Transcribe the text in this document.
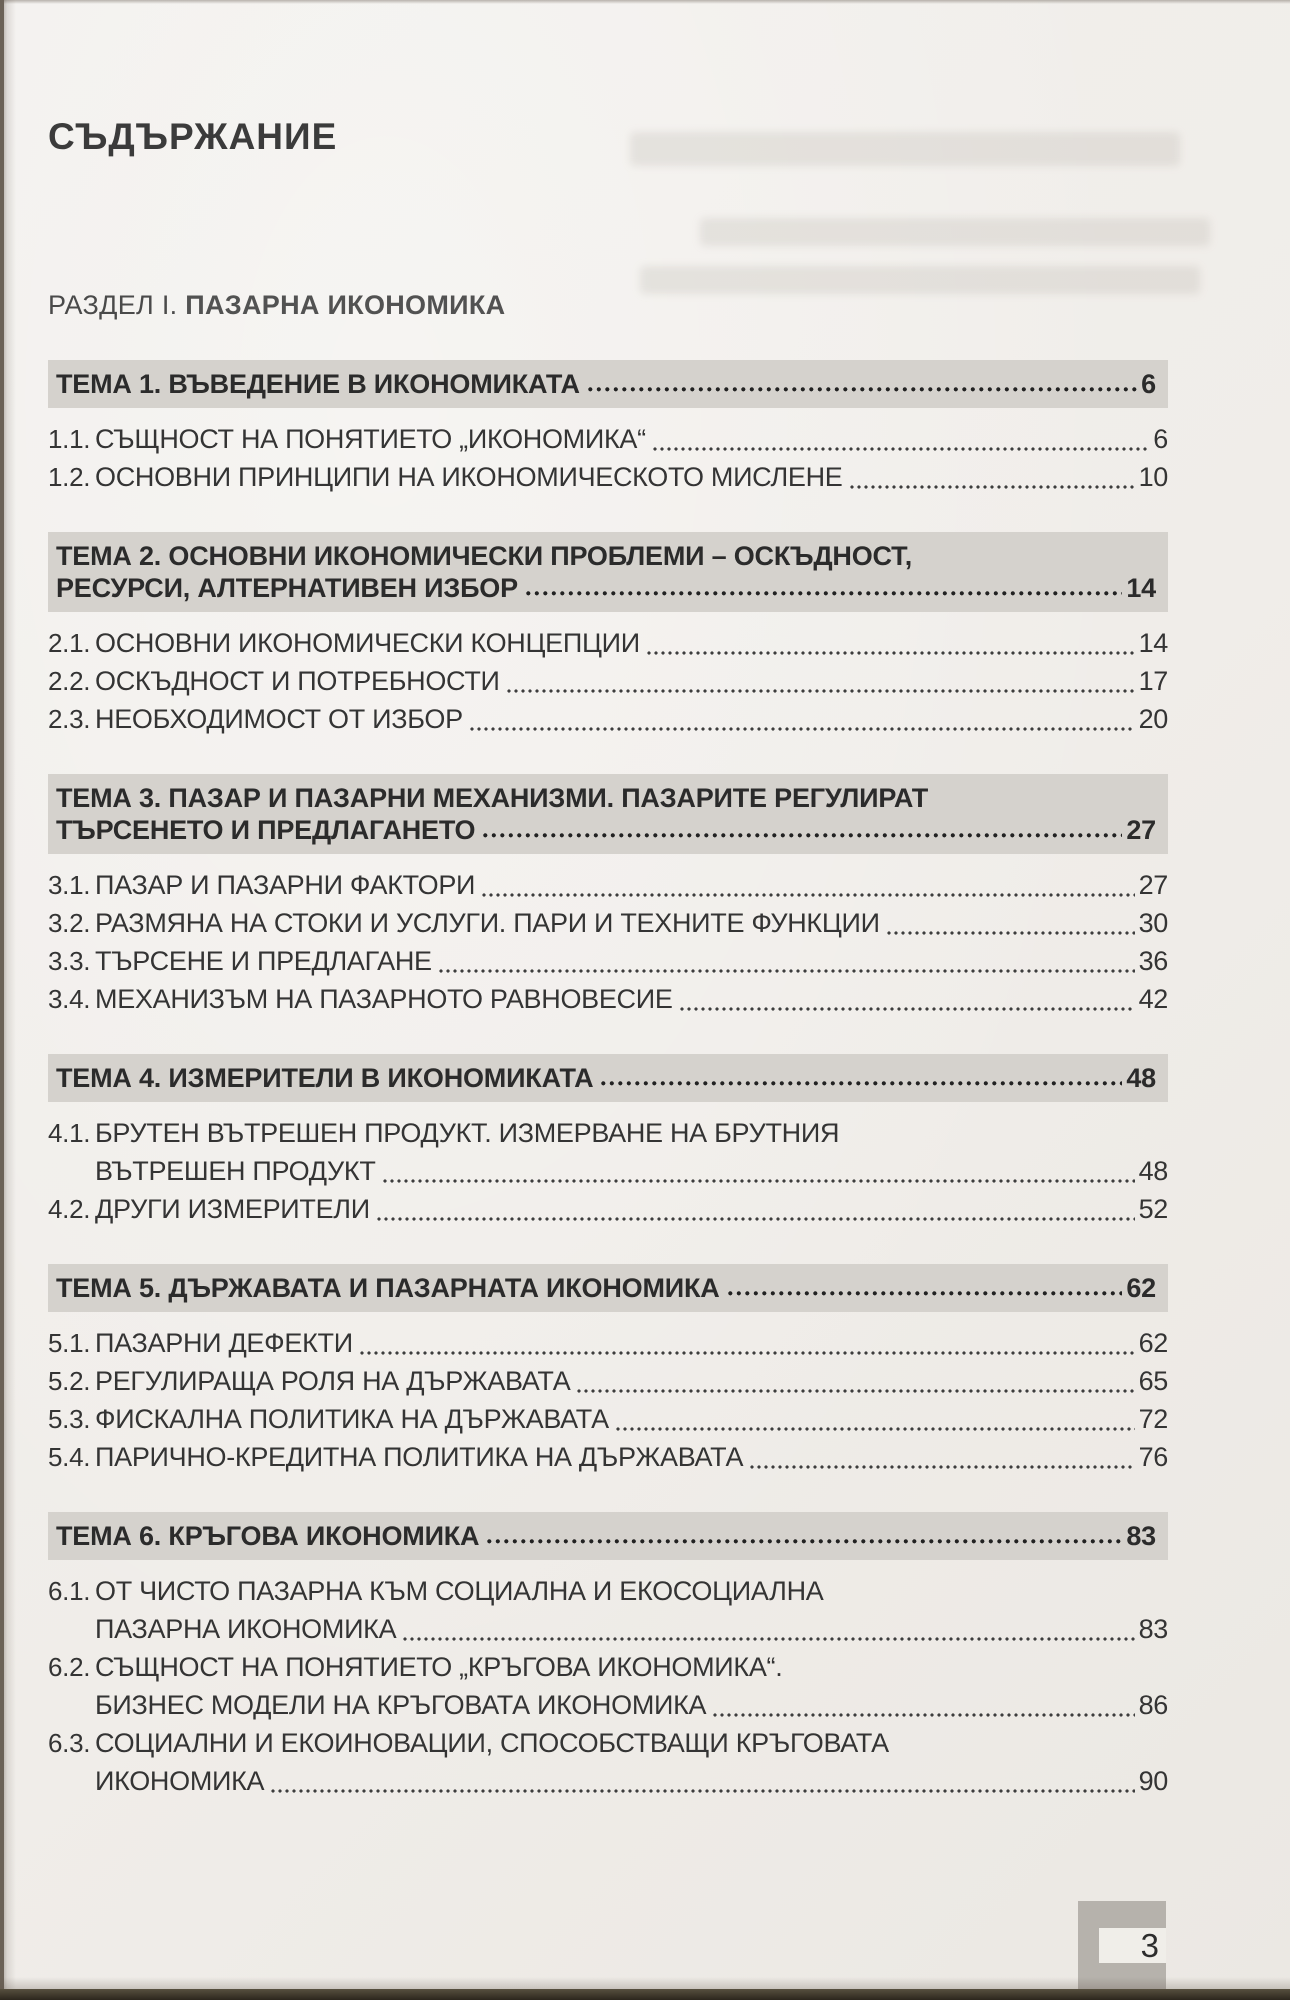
СЪДЪРЖАНИЕ
РАЗДЕЛ I. ПАЗАРНА ИКОНОМИКА
ТЕМА 1. ВЪВЕДЕНИЕ В ИКОНОМИКАТА	6
1.1. СЪЩНОСТ НА ПОНЯТИЕТО „ИКОНОМИКА“	6
1.2. ОСНОВНИ ПРИНЦИПИ НА ИКОНОМИЧЕСКОТО МИСЛЕНЕ	10
ТЕМА 2. ОСНОВНИ ИКОНОМИЧЕСКИ ПРОБЛЕМИ – ОСКЪДНОСТ,
РЕСУРСИ, АЛТЕРНАТИВЕН ИЗБОР	14
2.1. ОСНОВНИ ИКОНОМИЧЕСКИ КОНЦЕПЦИИ	14
2.2. ОСКЪДНОСТ И ПОТРЕБНОСТИ	17
2.3. НЕОБХОДИМОСТ ОТ ИЗБОР	20
ТЕМА 3. ПАЗАР И ПАЗАРНИ МЕХАНИЗМИ. ПАЗАРИТЕ РЕГУЛИРАТ
ТЪРСЕНЕТО И ПРЕДЛАГАНЕТО	27
3.1. ПАЗАР И ПАЗАРНИ ФАКТОРИ	27
3.2. РАЗМЯНА НА СТОКИ И УСЛУГИ. ПАРИ И ТЕХНИТЕ ФУНКЦИИ	30
3.3. ТЪРСЕНЕ И ПРЕДЛАГАНЕ	36
3.4. МЕХАНИЗЪМ НА ПАЗАРНОТО РАВНОВЕСИЕ	42
ТЕМА 4. ИЗМЕРИТЕЛИ В ИКОНОМИКАТА	48
4.1. БРУТЕН ВЪТРЕШЕН ПРОДУКТ. ИЗМЕРВАНЕ НА БРУТНИЯ
ВЪТРЕШЕН ПРОДУКТ	48
4.2. ДРУГИ ИЗМЕРИТЕЛИ	52
ТЕМА 5. ДЪРЖАВАТА И ПАЗАРНАТА ИКОНОМИКА	62
5.1. ПАЗАРНИ ДЕФЕКТИ	62
5.2. РЕГУЛИРАЩА РОЛЯ НА ДЪРЖАВАТА	65
5.3. ФИСКАЛНА ПОЛИТИКА НА ДЪРЖАВАТА	72
5.4. ПАРИЧНО-КРЕДИТНА ПОЛИТИКА НА ДЪРЖАВАТА	76
ТЕМА 6. КРЪГОВА ИКОНОМИКА	83
6.1. ОТ ЧИСТО ПАЗАРНА КЪМ СОЦИАЛНА И ЕКОСОЦИАЛНА
ПАЗАРНА ИКОНОМИКА	83
6.2. СЪЩНОСТ НА ПОНЯТИЕТО „КРЪГОВА ИКОНОМИКА“.
БИЗНЕС МОДЕЛИ НА КРЪГОВАТА ИКОНОМИКА	86
6.3. СОЦИАЛНИ И ЕКОИНОВАЦИИ, СПОСОБСТВАЩИ КРЪГОВАТА
ИКОНОМИКА	90
3
